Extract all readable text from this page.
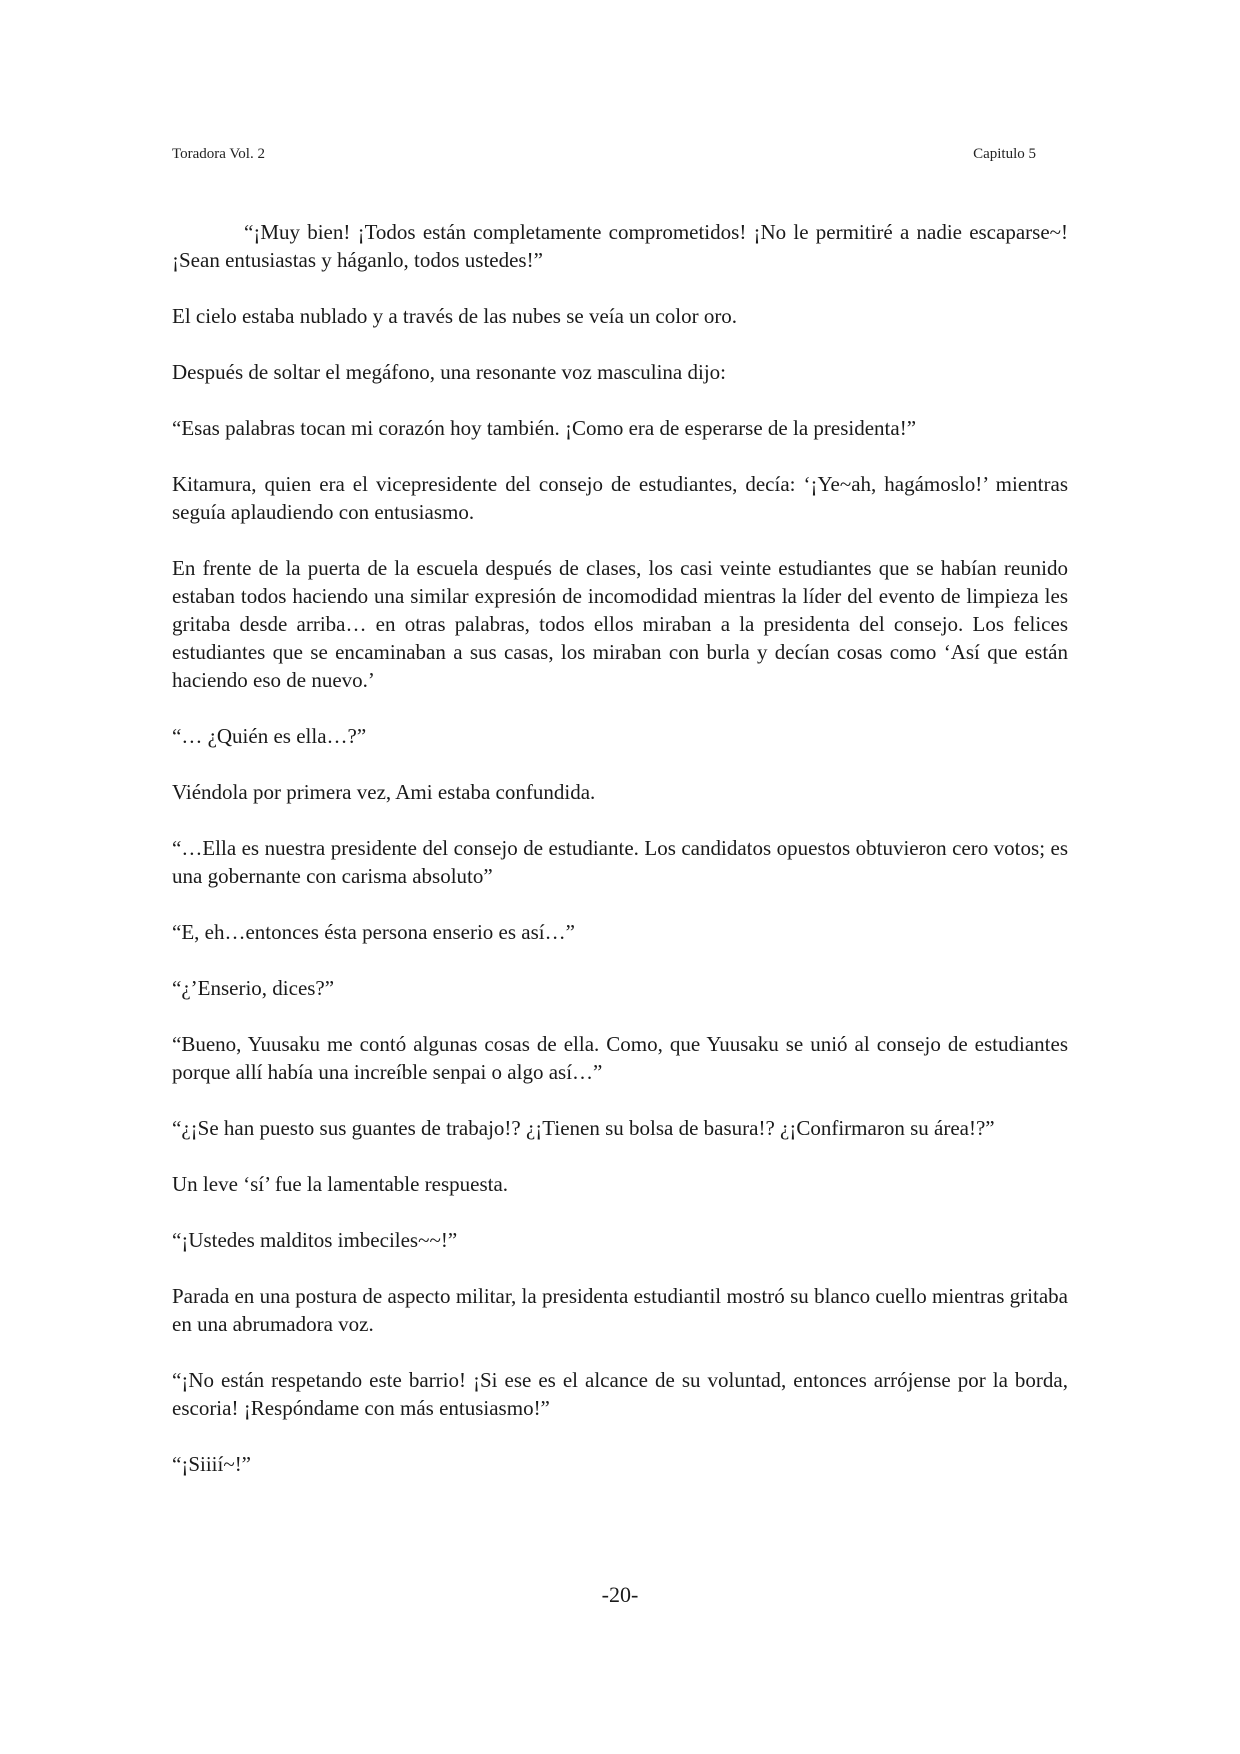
Toradora Vol. 2	Capitulo 5

“¡Muy bien! ¡Todos están completamente comprometidos! ¡No le permitiré a nadie escaparse~! ¡Sean entusiastas y háganlo, todos ustedes!”

El cielo estaba nublado y a través de las nubes se veía un color oro.

Después de soltar el megáfono, una resonante voz masculina dijo:

“Esas palabras tocan mi corazón hoy también. ¡Como era de esperarse de la presidenta!”

Kitamura, quien era el vicepresidente del consejo de estudiantes, decía: ‘¡Ye~ah, hagámoslo!’ mientras seguía aplaudiendo con entusiasmo.

En frente de la puerta de la escuela después de clases, los casi veinte estudiantes que se habían reunido estaban todos haciendo una similar expresión de incomodidad mientras la líder del evento de limpieza les gritaba desde arriba… en otras palabras, todos ellos miraban a la presidenta del consejo. Los felices estudiantes que se encaminaban a sus casas, los miraban con burla y decían cosas como ‘Así que están haciendo eso de nuevo.’

“… ¿Quién es ella…?”

Viéndola por primera vez, Ami estaba confundida.

“…Ella es nuestra presidente del consejo de estudiante. Los candidatos opuestos obtuvieron cero votos; es una gobernante con carisma absoluto”

“E, eh…entonces ésta persona enserio es así…”

“¿’Enserio, dices?”

“Bueno, Yuusaku me contó algunas cosas de ella. Como, que Yuusaku se unió al consejo de estudiantes porque allí había una increíble senpai o algo así…”

“¿¡Se han puesto sus guantes de trabajo!? ¿¡Tienen su bolsa de basura!? ¿¡Confirmaron su área!?”

Un leve ‘sí’ fue la lamentable respuesta.

“¡Ustedes malditos imbeciles~~!”

Parada en una postura de aspecto militar, la presidenta estudiantil mostró su blanco cuello mientras gritaba en una abrumadora voz.

“¡No están respetando este barrio! ¡Si ese es el alcance de su voluntad, entonces arrójense por la borda, escoria! ¡Respóndame con más entusiasmo!”

“¡Siiií~!”

-20-
